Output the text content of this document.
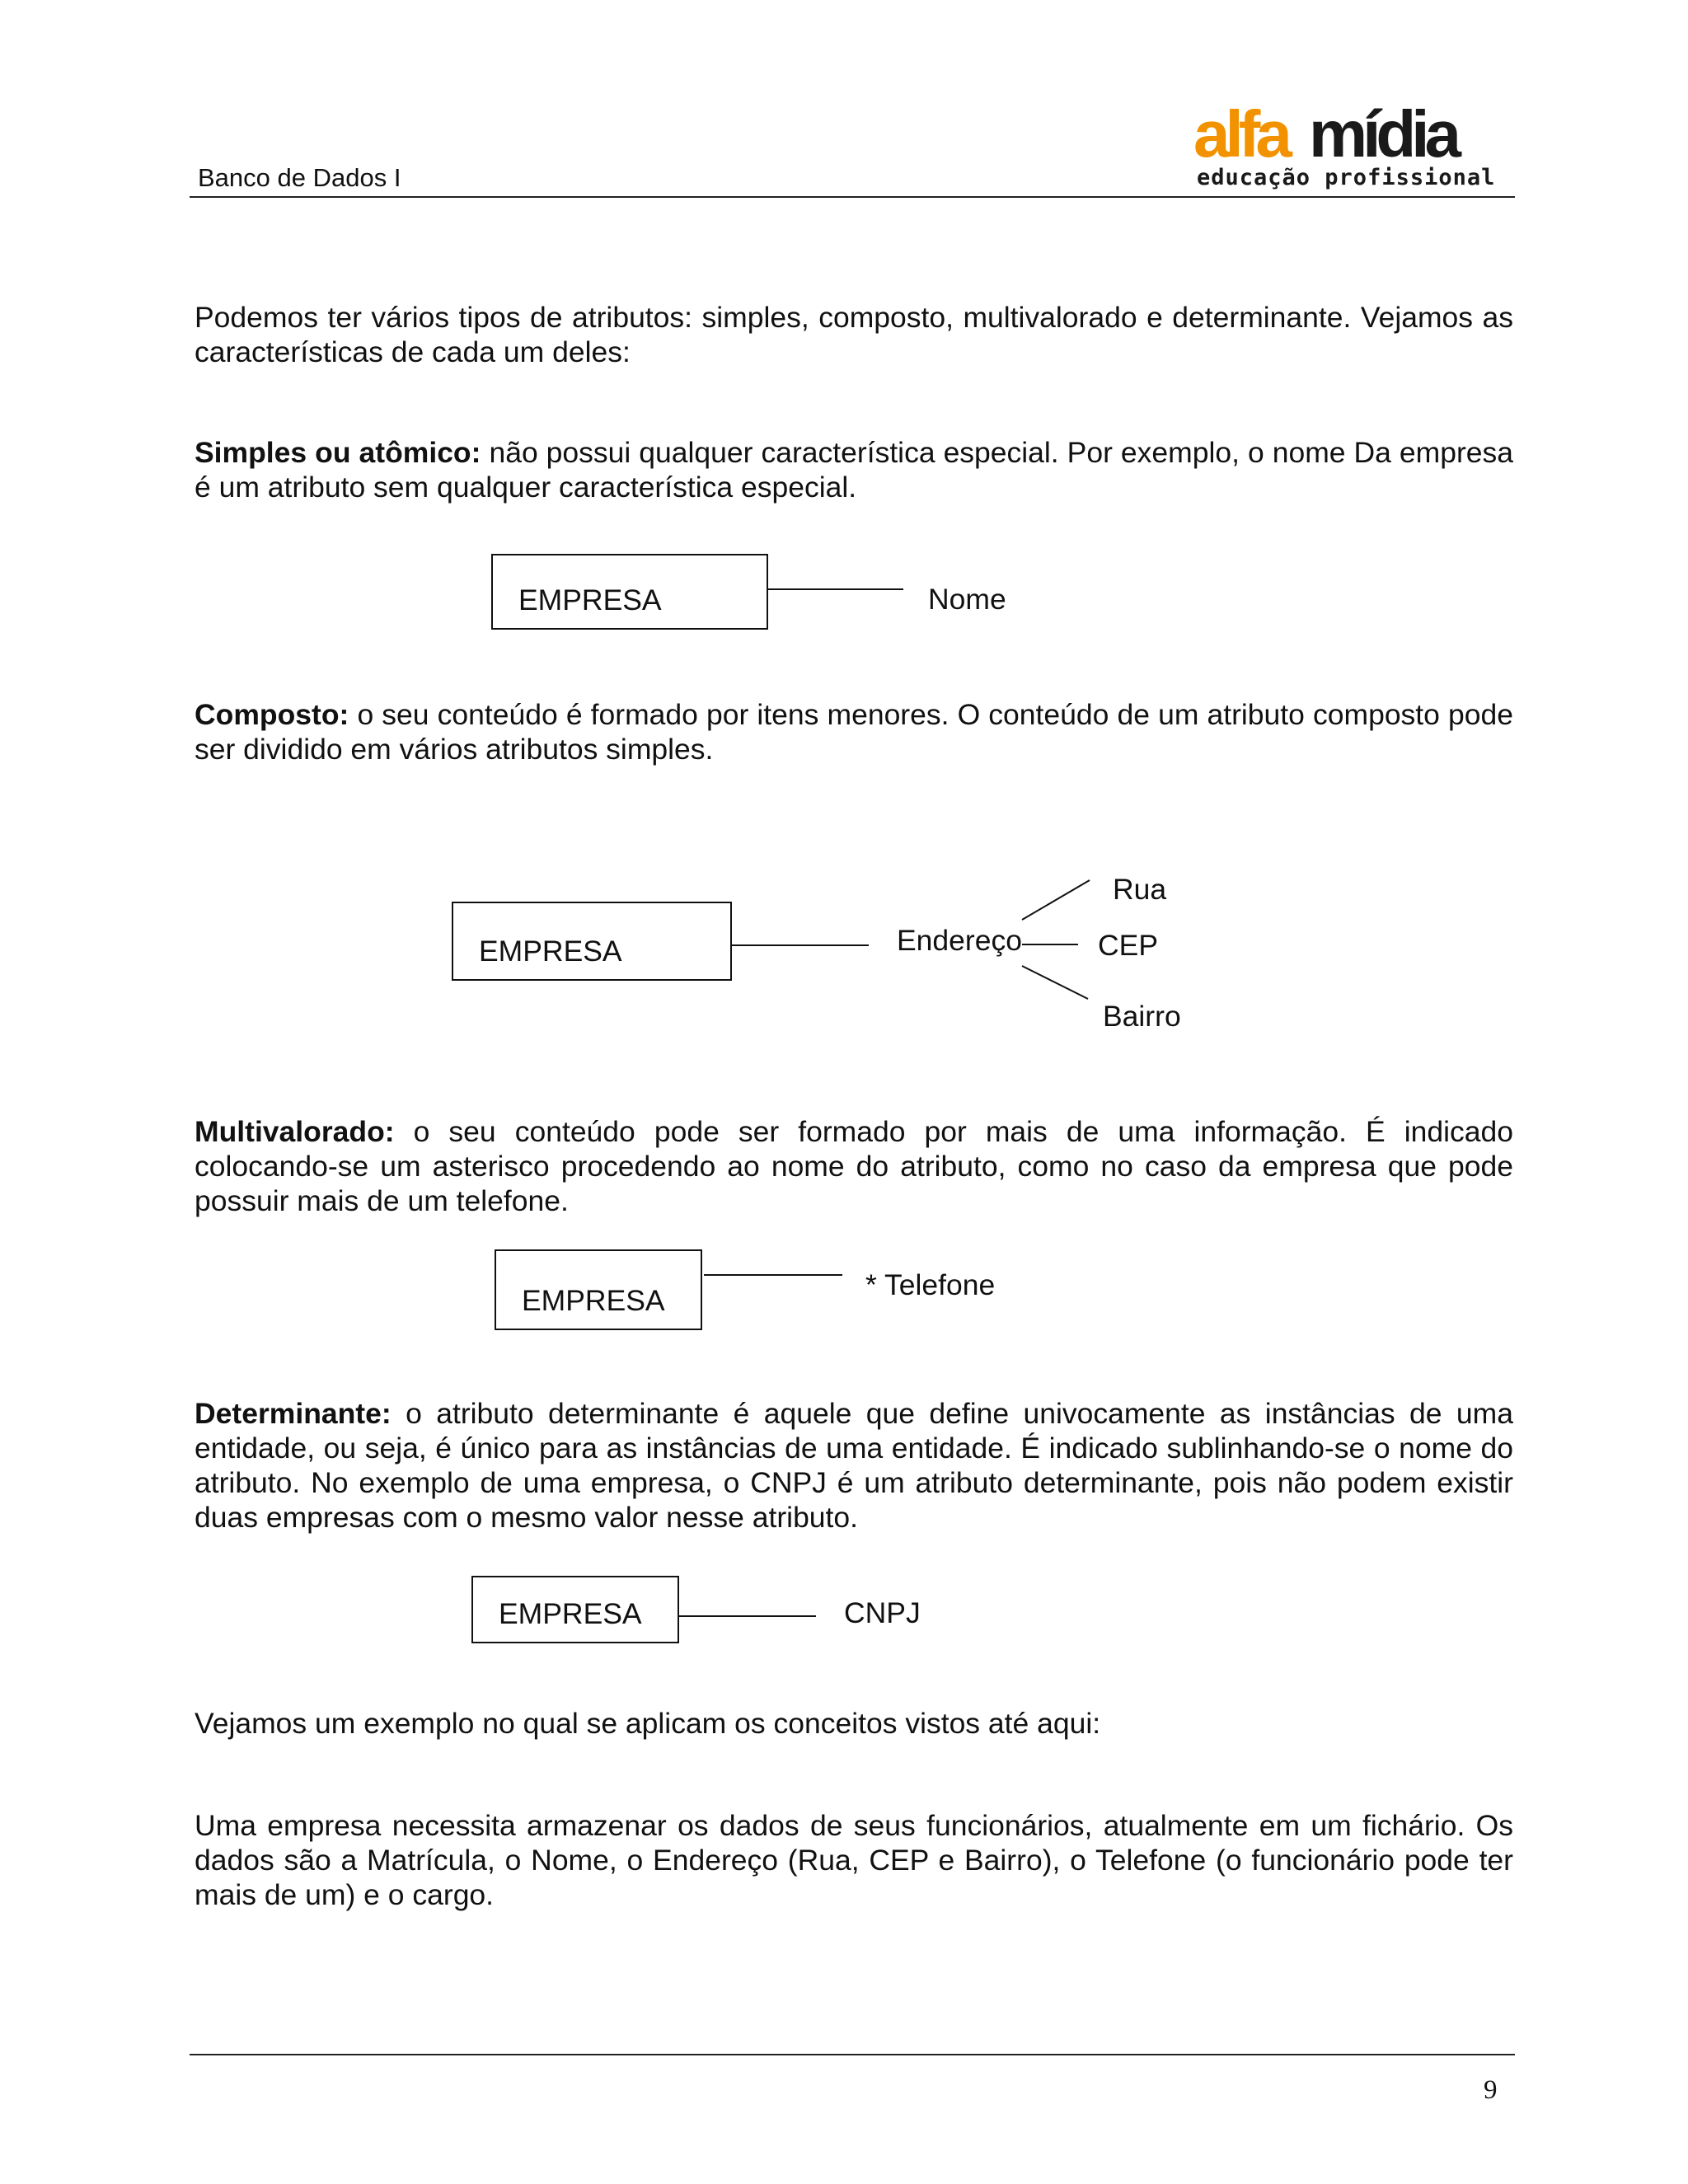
Banco de Dados I
alfa mídia
educação profissional
Podemos ter vários tipos de atributos: simples, composto, multivalorado e determinante. Vejamos as características de cada um deles:
Simples ou atômico: não possui qualquer característica especial. Por exemplo, o nome Da empresa é um atributo sem qualquer característica especial.
EMPRESA	Nome
Composto: o seu conteúdo é formado por itens menores. O conteúdo de um atributo composto pode ser dividido em vários atributos simples.
EMPRESA	Endereço
Rua
CEP
Bairro
Multivalorado: o seu conteúdo pode ser formado por mais de uma informação. É indicado colocando-se um asterisco procedendo ao nome do atributo, como no caso da empresa que pode possuir mais de um telefone.
EMPRESA	* Telefone
Determinante: o atributo determinante é aquele que define univocamente as instâncias de uma entidade, ou seja, é único para as instâncias de uma entidade. É indicado sublinhando-se o nome do atributo. No exemplo de uma empresa, o CNPJ é um atributo determinante, pois não podem existir duas empresas com o mesmo valor nesse atributo.
EMPRESA	CNPJ
Vejamos um exemplo no qual se aplicam os conceitos vistos até aqui:
Uma empresa necessita armazenar os dados de seus funcionários, atualmente em um fichário. Os dados são a Matrícula, o Nome, o Endereço (Rua, CEP e Bairro), o Telefone (o funcionário pode ter mais de um) e o cargo.
9
